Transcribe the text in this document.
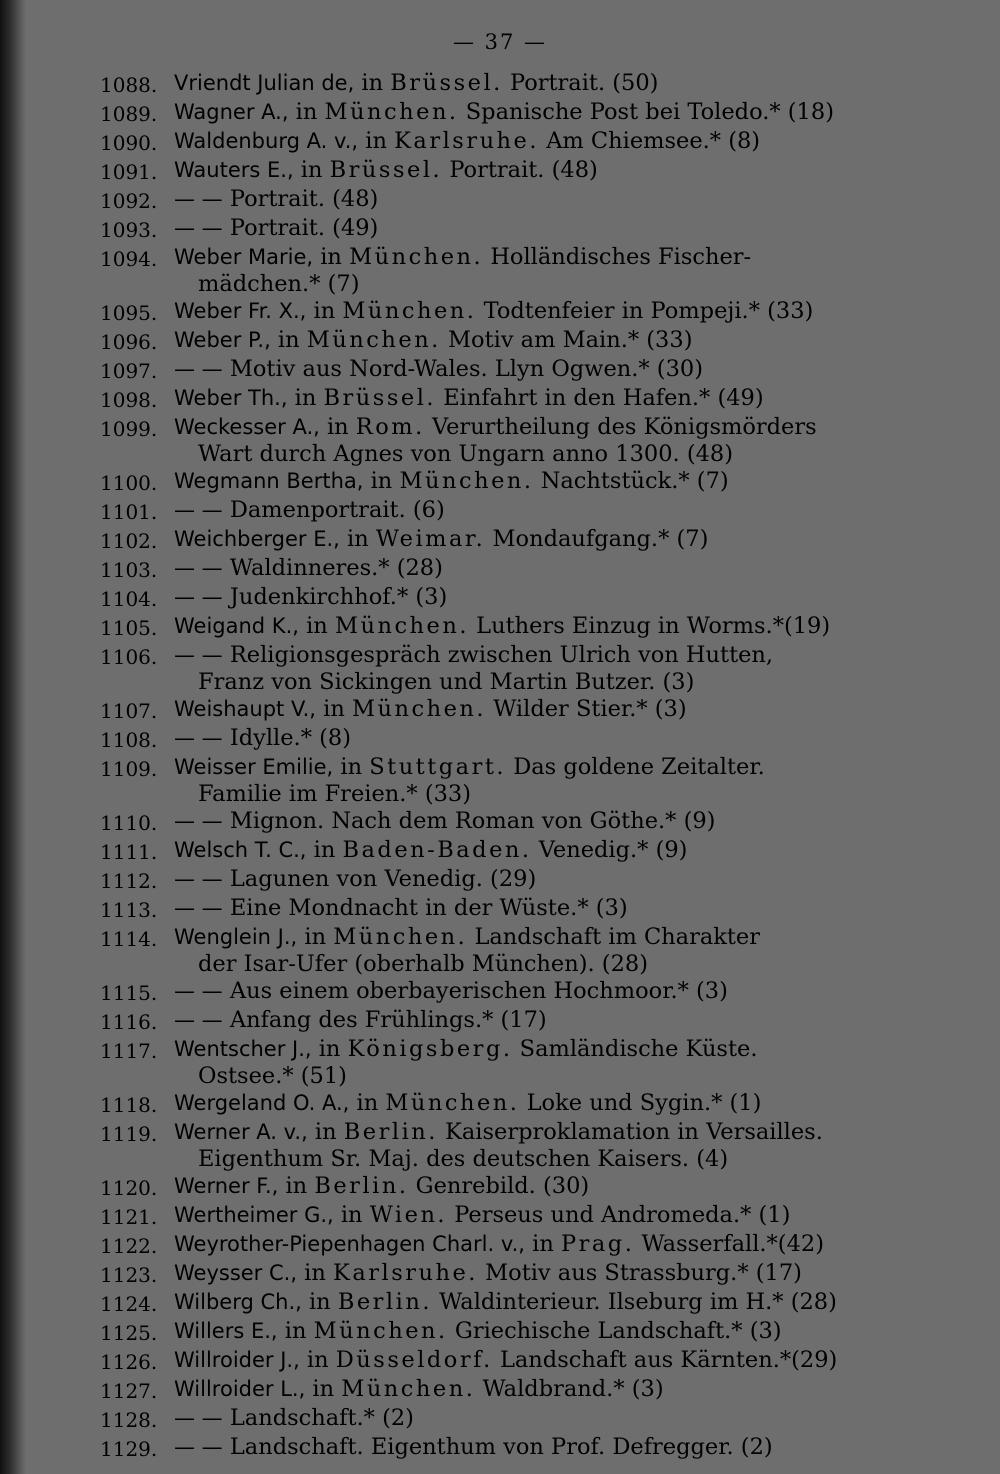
— 37 —
1088. Vriendt Julian de, in Brüssel. Portrait. (50)
1089. Wagner A., in München. Spanische Post bei Toledo.* (18)
1090. Waldenburg A. v., in Karlsruhe. Am Chiemsee.* (8)
1091. Wauters E., in Brüssel. Portrait. (48)
1092. — — Portrait. (48)
1093. — — Portrait. (49)
1094. Weber Marie, in München. Holländisches Fischer-
mädchen.* (7)
1095. Weber Fr. X., in München. Todtenfeier in Pompeji.* (33)
1096. Weber P., in München. Motiv am Main.* (33)
1097. — — Motiv aus Nord-Wales. Llyn Ogwen.* (30)
1098. Weber Th., in Brüssel. Einfahrt in den Hafen.* (49)
1099. Weckesser A., in Rom. Verurtheilung des Königsmörders
Wart durch Agnes von Ungarn anno 1300. (48)
1100. Wegmann Bertha, in München. Nachtstück.* (7)
1101. — — Damenportrait. (6)
1102. Weichberger E., in Weimar. Mondaufgang.* (7)
1103. — — Waldinneres.* (28)
1104. — — Judenkirchhof.* (3)
1105. Weigand K., in München. Luthers Einzug in Worms.*(19)
1106. — — Religionsgespräch zwischen Ulrich von Hutten,
Franz von Sickingen und Martin Butzer. (3)
1107. Weishaupt V., in München. Wilder Stier.* (3)
1108. — — Idylle.* (8)
1109. Weisser Emilie, in Stuttgart. Das goldene Zeitalter.
Familie im Freien.* (33)
1110. — — Mignon. Nach dem Roman von Göthe.* (9)
1111. Welsch T. C., in Baden-Baden. Venedig.* (9)
1112. — — Lagunen von Venedig. (29)
1113. — — Eine Mondnacht in der Wüste.* (3)
1114. Wenglein J., in München. Landschaft im Charakter
der Isar-Ufer (oberhalb München). (28)
1115. — — Aus einem oberbayerischen Hochmoor.* (3)
1116. — — Anfang des Frühlings.* (17)
1117. Wentscher J., in Königsberg. Samländische Küste.
Ostsee.* (51)
1118. Wergeland O. A., in München. Loke und Sygin.* (1)
1119. Werner A. v., in Berlin. Kaiserproklamation in Versailles.
Eigenthum Sr. Maj. des deutschen Kaisers. (4)
1120. Werner F., in Berlin. Genrebild. (30)
1121. Wertheimer G., in Wien. Perseus und Andromeda.* (1)
1122. Weyrother-Piepenhagen Charl. v., in Prag. Wasserfall.*(42)
1123. Weysser C., in Karlsruhe. Motiv aus Strassburg.* (17)
1124. Wilberg Ch., in Berlin. Waldinterieur. Ilseburg im H.* (28)
1125. Willers E., in München. Griechische Landschaft.* (3)
1126. Willroider J., in Düsseldorf. Landschaft aus Kärnten.*(29)
1127. Willroider L., in München. Waldbrand.* (3)
1128. — — Landschaft.* (2)
1129. — — Landschaft. Eigenthum von Prof. Defregger. (2)
